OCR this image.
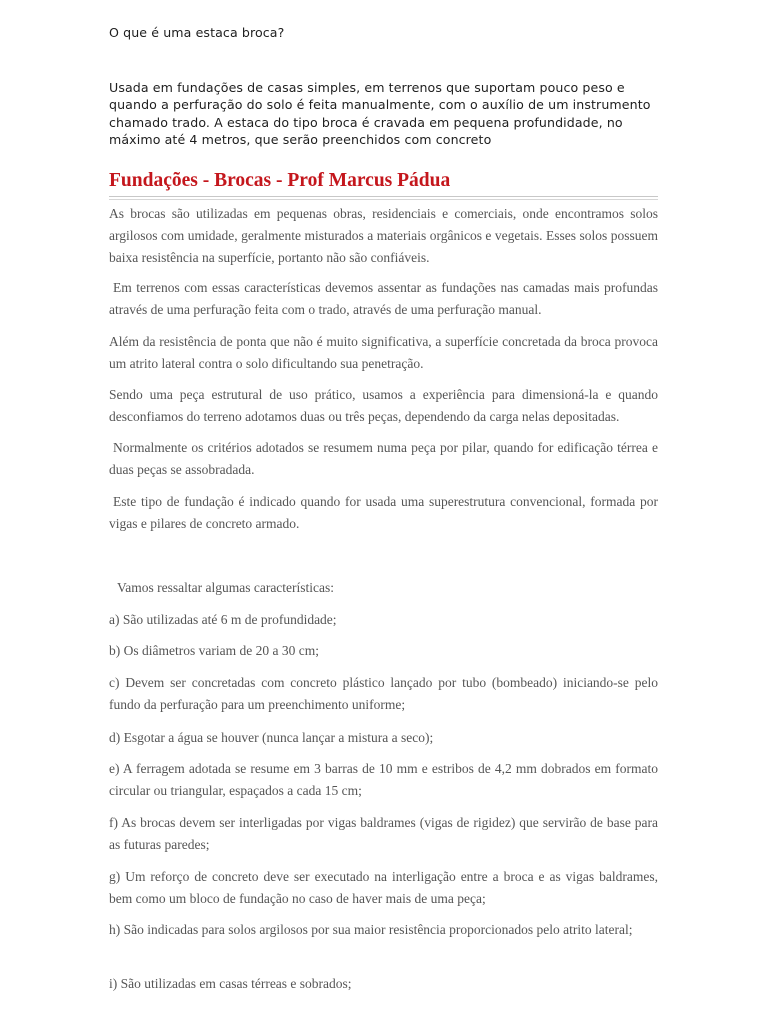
O que é uma estaca broca?

Usada em fundações de casas simples, em terrenos que suportam pouco peso e quando a perfuração do solo é feita manualmente, com o auxílio de um instrumento chamado trado. A estaca do tipo broca é cravada em pequena profundidade, no máximo até 4 metros, que serão preenchidos com concreto

Fundações - Brocas - Prof Marcus Pádua

As brocas são utilizadas em pequenas obras, residenciais e comerciais, onde encontramos solos argilosos com umidade, geralmente misturados a materiais orgânicos e vegetais. Esses solos possuem baixa resistência na superfície, portanto não são confiáveis.

Em terrenos com essas características devemos assentar as fundações nas camadas mais profundas através de uma perfuração feita com o trado, através de uma perfuração manual.

Além da resistência de ponta que não é muito significativa, a superfície concretada da broca provoca um atrito lateral contra o solo dificultando sua penetração.

Sendo uma peça estrutural de uso prático, usamos a experiência para dimensioná-la e quando desconfiamos do terreno adotamos duas ou três peças, dependendo da carga nelas depositadas.

Normalmente os critérios adotados se resumem numa peça por pilar, quando for edificação térrea e duas peças se assobradada.

Este tipo de fundação é indicado quando for usada uma superestrutura convencional, formada por vigas e pilares de concreto armado.

Vamos ressaltar algumas características:

a) São utilizadas até 6 m de profundidade;

b) Os diâmetros variam de 20 a 30 cm;

c) Devem ser concretadas com concreto plástico lançado por tubo (bombeado) iniciando-se pelo fundo da perfuração para um preenchimento uniforme;

d) Esgotar a água se houver (nunca lançar a mistura a seco);

e) A ferragem adotada se resume em 3 barras de 10 mm e estribos de 4,2 mm dobrados em formato circular ou triangular, espaçados a cada 15 cm;

f) As brocas devem ser interligadas por vigas baldrames (vigas de rigidez) que servirão de base para as futuras paredes;

g) Um reforço de concreto deve ser executado na interligação entre a broca e as vigas baldrames, bem como um bloco de fundação no caso de haver mais de uma peça;

h) São indicadas para solos argilosos por sua maior resistência proporcionados pelo atrito lateral;

i) São utilizadas em casas térreas e sobrados;
